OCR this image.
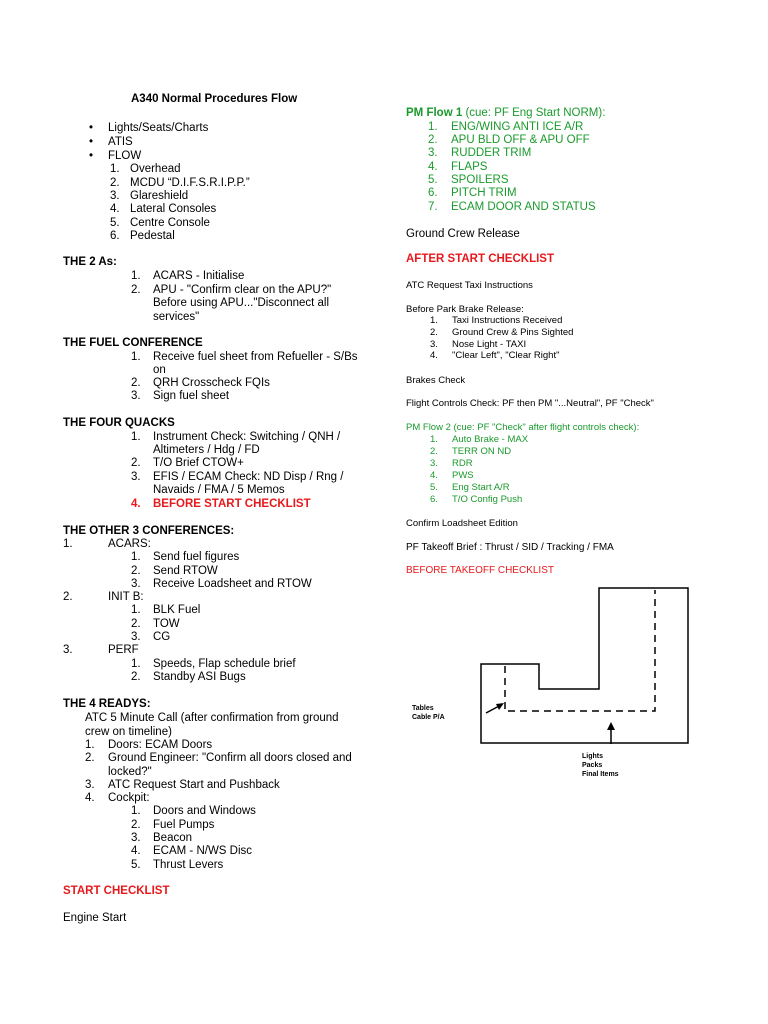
A340 Normal Procedures Flow
• Lights/Seats/Charts
• ATIS
• FLOW
1. Overhead
2. MCDU “D.I.F.S.R.I.P.P.”
3. Glareshield
4. Lateral Consoles
5. Centre Console
6. Pedestal
THE 2 As:
1. ACARS - Initialise
2. APU - "Confirm clear on the APU?"
Before using APU..."Disconnect all
services"
THE FUEL CONFERENCE
1. Receive fuel sheet from Refueller - S/Bs
on
2. QRH Crosscheck FQIs
3. Sign fuel sheet
THE FOUR QUACKS
1. Instrument Check: Switching / QNH /
Altimeters / Hdg / FD
2. T/O Brief CTOW+
3. EFIS / ECAM Check: ND Disp / Rng /
Navaids / FMA / 5 Memos
4. BEFORE START CHECKLIST
THE OTHER 3 CONFERENCES:
1.	ACARS:
1. Send fuel figures
2. Send RTOW
3. Receive Loadsheet and RTOW
2.	INIT B:
1. BLK Fuel
2. TOW
3. CG
3.	PERF
1. Speeds, Flap schedule brief
2. Standby ASI Bugs
THE 4 READYS:
ATC 5 Minute Call (after confirmation from ground crew on timeline)
1. Doors: ECAM Doors
2. Ground Engineer: "Confirm all doors closed and locked?"
3. ATC Request Start and Pushback
4. Cockpit:
1. Doors and Windows
2. Fuel Pumps
3. Beacon
4. ECAM - N/WS Disc
5. Thrust Levers
START CHECKLIST
Engine Start
PM Flow 1 (cue: PF Eng Start NORM):
1. ENG/WING ANTI ICE A/R
2. APU BLD OFF & APU OFF
3. RUDDER TRIM
4. FLAPS
5. SPOILERS
6. PITCH TRIM
7. ECAM DOOR AND STATUS
Ground Crew Release
AFTER START CHECKLIST
ATC Request Taxi Instructions
Before Park Brake Release:
1. Taxi Instructions Received
2. Ground Crew & Pins Sighted
3. Nose Light - TAXI
4. "Clear Left", "Clear Right"
Brakes Check
Flight Controls Check: PF then PM "...Neutral", PF "Check"
PM Flow 2 (cue: PF "Check" after flight controls check):
1. Auto Brake - MAX
2. TERR ON ND
3. RDR
4. PWS
5. Eng Start A/R
6. T/O Config Push
Confirm Loadsheet Edition
PF Takeoff Brief : Thrust / SID / Tracking / FMA
BEFORE TAKEOFF CHECKLIST
Tables
Cable P/A
Lights
Packs
Final Items
